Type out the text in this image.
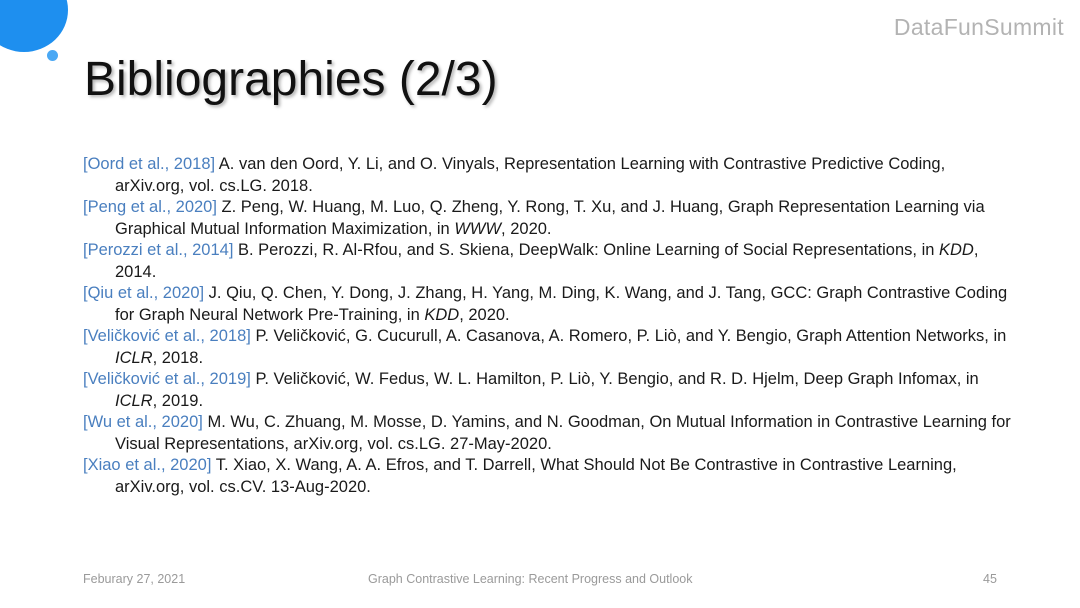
DataFunSummit
Bibliographies (2/3)
[Oord et al., 2018] A. van den Oord, Y. Li, and O. Vinyals, Representation Learning with Contrastive Predictive Coding, arXiv.org, vol. cs.LG. 2018.
[Peng et al., 2020] Z. Peng, W. Huang, M. Luo, Q. Zheng, Y. Rong, T. Xu, and J. Huang, Graph Representation Learning via Graphical Mutual Information Maximization, in WWW, 2020.
[Perozzi et al., 2014] B. Perozzi, R. Al-Rfou, and S. Skiena, DeepWalk: Online Learning of Social Representations, in KDD, 2014.
[Qiu et al., 2020] J. Qiu, Q. Chen, Y. Dong, J. Zhang, H. Yang, M. Ding, K. Wang, and J. Tang, GCC: Graph Contrastive Coding for Graph Neural Network Pre-Training, in KDD, 2020.
[Veličković et al., 2018] P. Veličković, G. Cucurull, A. Casanova, A. Romero, P. Liò, and Y. Bengio, Graph Attention Networks, in ICLR, 2018.
[Veličković et al., 2019] P. Veličković, W. Fedus, W. L. Hamilton, P. Liò, Y. Bengio, and R. D. Hjelm, Deep Graph Infomax, in ICLR, 2019.
[Wu et al., 2020] M. Wu, C. Zhuang, M. Mosse, D. Yamins, and N. Goodman, On Mutual Information in Contrastive Learning for Visual Representations, arXiv.org, vol. cs.LG. 27-May-2020.
[Xiao et al., 2020] T. Xiao, X. Wang, A. A. Efros, and T. Darrell, What Should Not Be Contrastive in Contrastive Learning, arXiv.org, vol. cs.CV. 13-Aug-2020.
Feburary 27, 2021	Graph Contrastive Learning: Recent Progress and Outlook	45
